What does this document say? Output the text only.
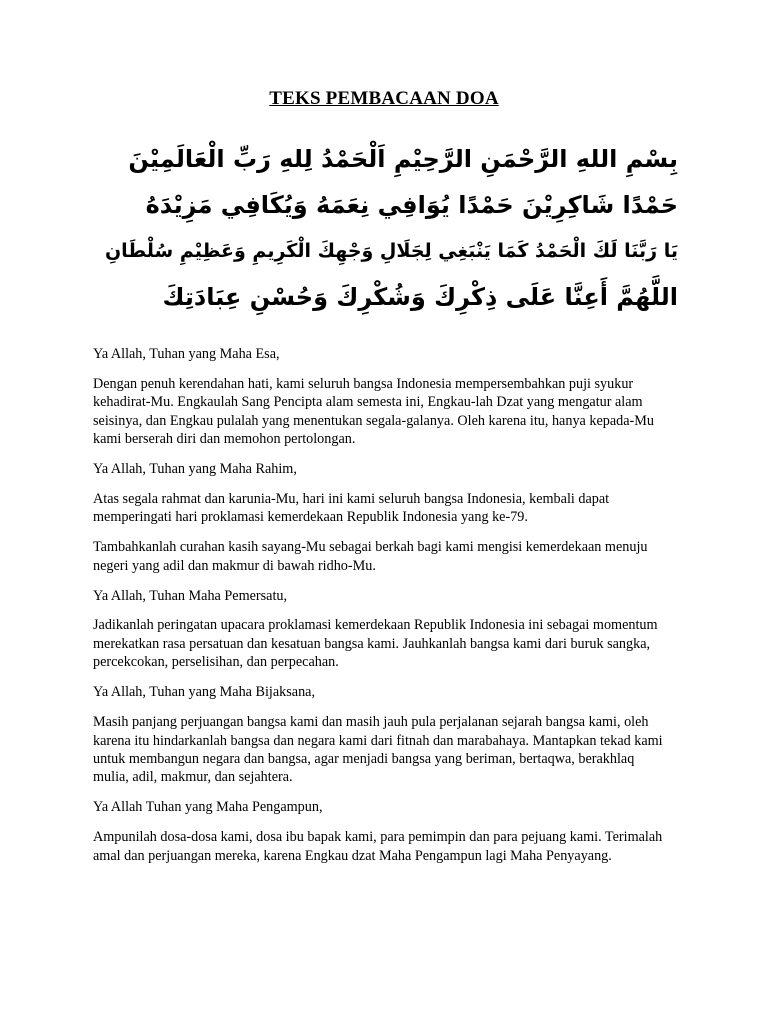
TEKS PEMBACAAN DOA
بِسْمِ اللهِ الرَّحْمَنِ الرَّحِيْمِ اَلْحَمْدُ لِلهِ رَبِّ الْعَالَمِيْنَ
حَمْدًا شَاكِرِيْنَ حَمْدًا يُوَافِي نِعَمَهُ وَيُكَافِي مَزِيْدَهُ
يَا رَبَّنَا لَكَ الْحَمْدُ كَمَا يَنْبَغِي لِجَلَالِ وَجْهِكَ الْكَرِيمِ وَعَظِيْمِ سُلْطَانِ
اللَّهُمَّ أَعِنَّا عَلَى ذِكْرِكَ وَشُكْرِكَ وَحُسْنِ عِبَادَتِكَ

Ya Allah, Tuhan yang Maha Esa,

Dengan penuh kerendahan hati, kami seluruh bangsa Indonesia mempersembahkan puji syukur kehadirat-Mu. Engkaulah Sang Pencipta alam semesta ini, Engkau-lah Dzat yang mengatur alam seisinya, dan Engkau pulalah yang menentukan segala-galanya. Oleh karena itu, hanya kepada-Mu kami berserah diri dan memohon pertolongan.

Ya Allah, Tuhan yang Maha Rahim,

Atas segala rahmat dan karunia-Mu, hari ini kami seluruh bangsa Indonesia, kembali dapat memperingati hari proklamasi kemerdekaan Republik Indonesia yang ke-79.

Tambahkanlah curahan kasih sayang-Mu sebagai berkah bagi kami mengisi kemerdekaan menuju negeri yang adil dan makmur di bawah ridho-Mu.

Ya Allah, Tuhan Maha Pemersatu,

Jadikanlah peringatan upacara proklamasi kemerdekaan Republik Indonesia ini sebagai momentum merekatkan rasa persatuan dan kesatuan bangsa kami. Jauhkanlah bangsa kami dari buruk sangka, percekcokan, perselisihan, dan perpecahan.

Ya Allah, Tuhan yang Maha Bijaksana,

Masih panjang perjuangan bangsa kami dan masih jauh pula perjalanan sejarah bangsa kami, oleh karena itu hindarkanlah bangsa dan negara kami dari fitnah dan marabahaya. Mantapkan tekad kami untuk membangun negara dan bangsa, agar menjadi bangsa yang beriman, bertaqwa, berakhlaq mulia, adil, makmur, dan sejahtera.

Ya Allah Tuhan yang Maha Pengampun,

Ampunilah dosa-dosa kami, dosa ibu bapak kami, para pemimpin dan para pejuang kami. Terimalah amal dan perjuangan mereka, karena Engkau dzat Maha Pengampun lagi Maha Penyayang.
